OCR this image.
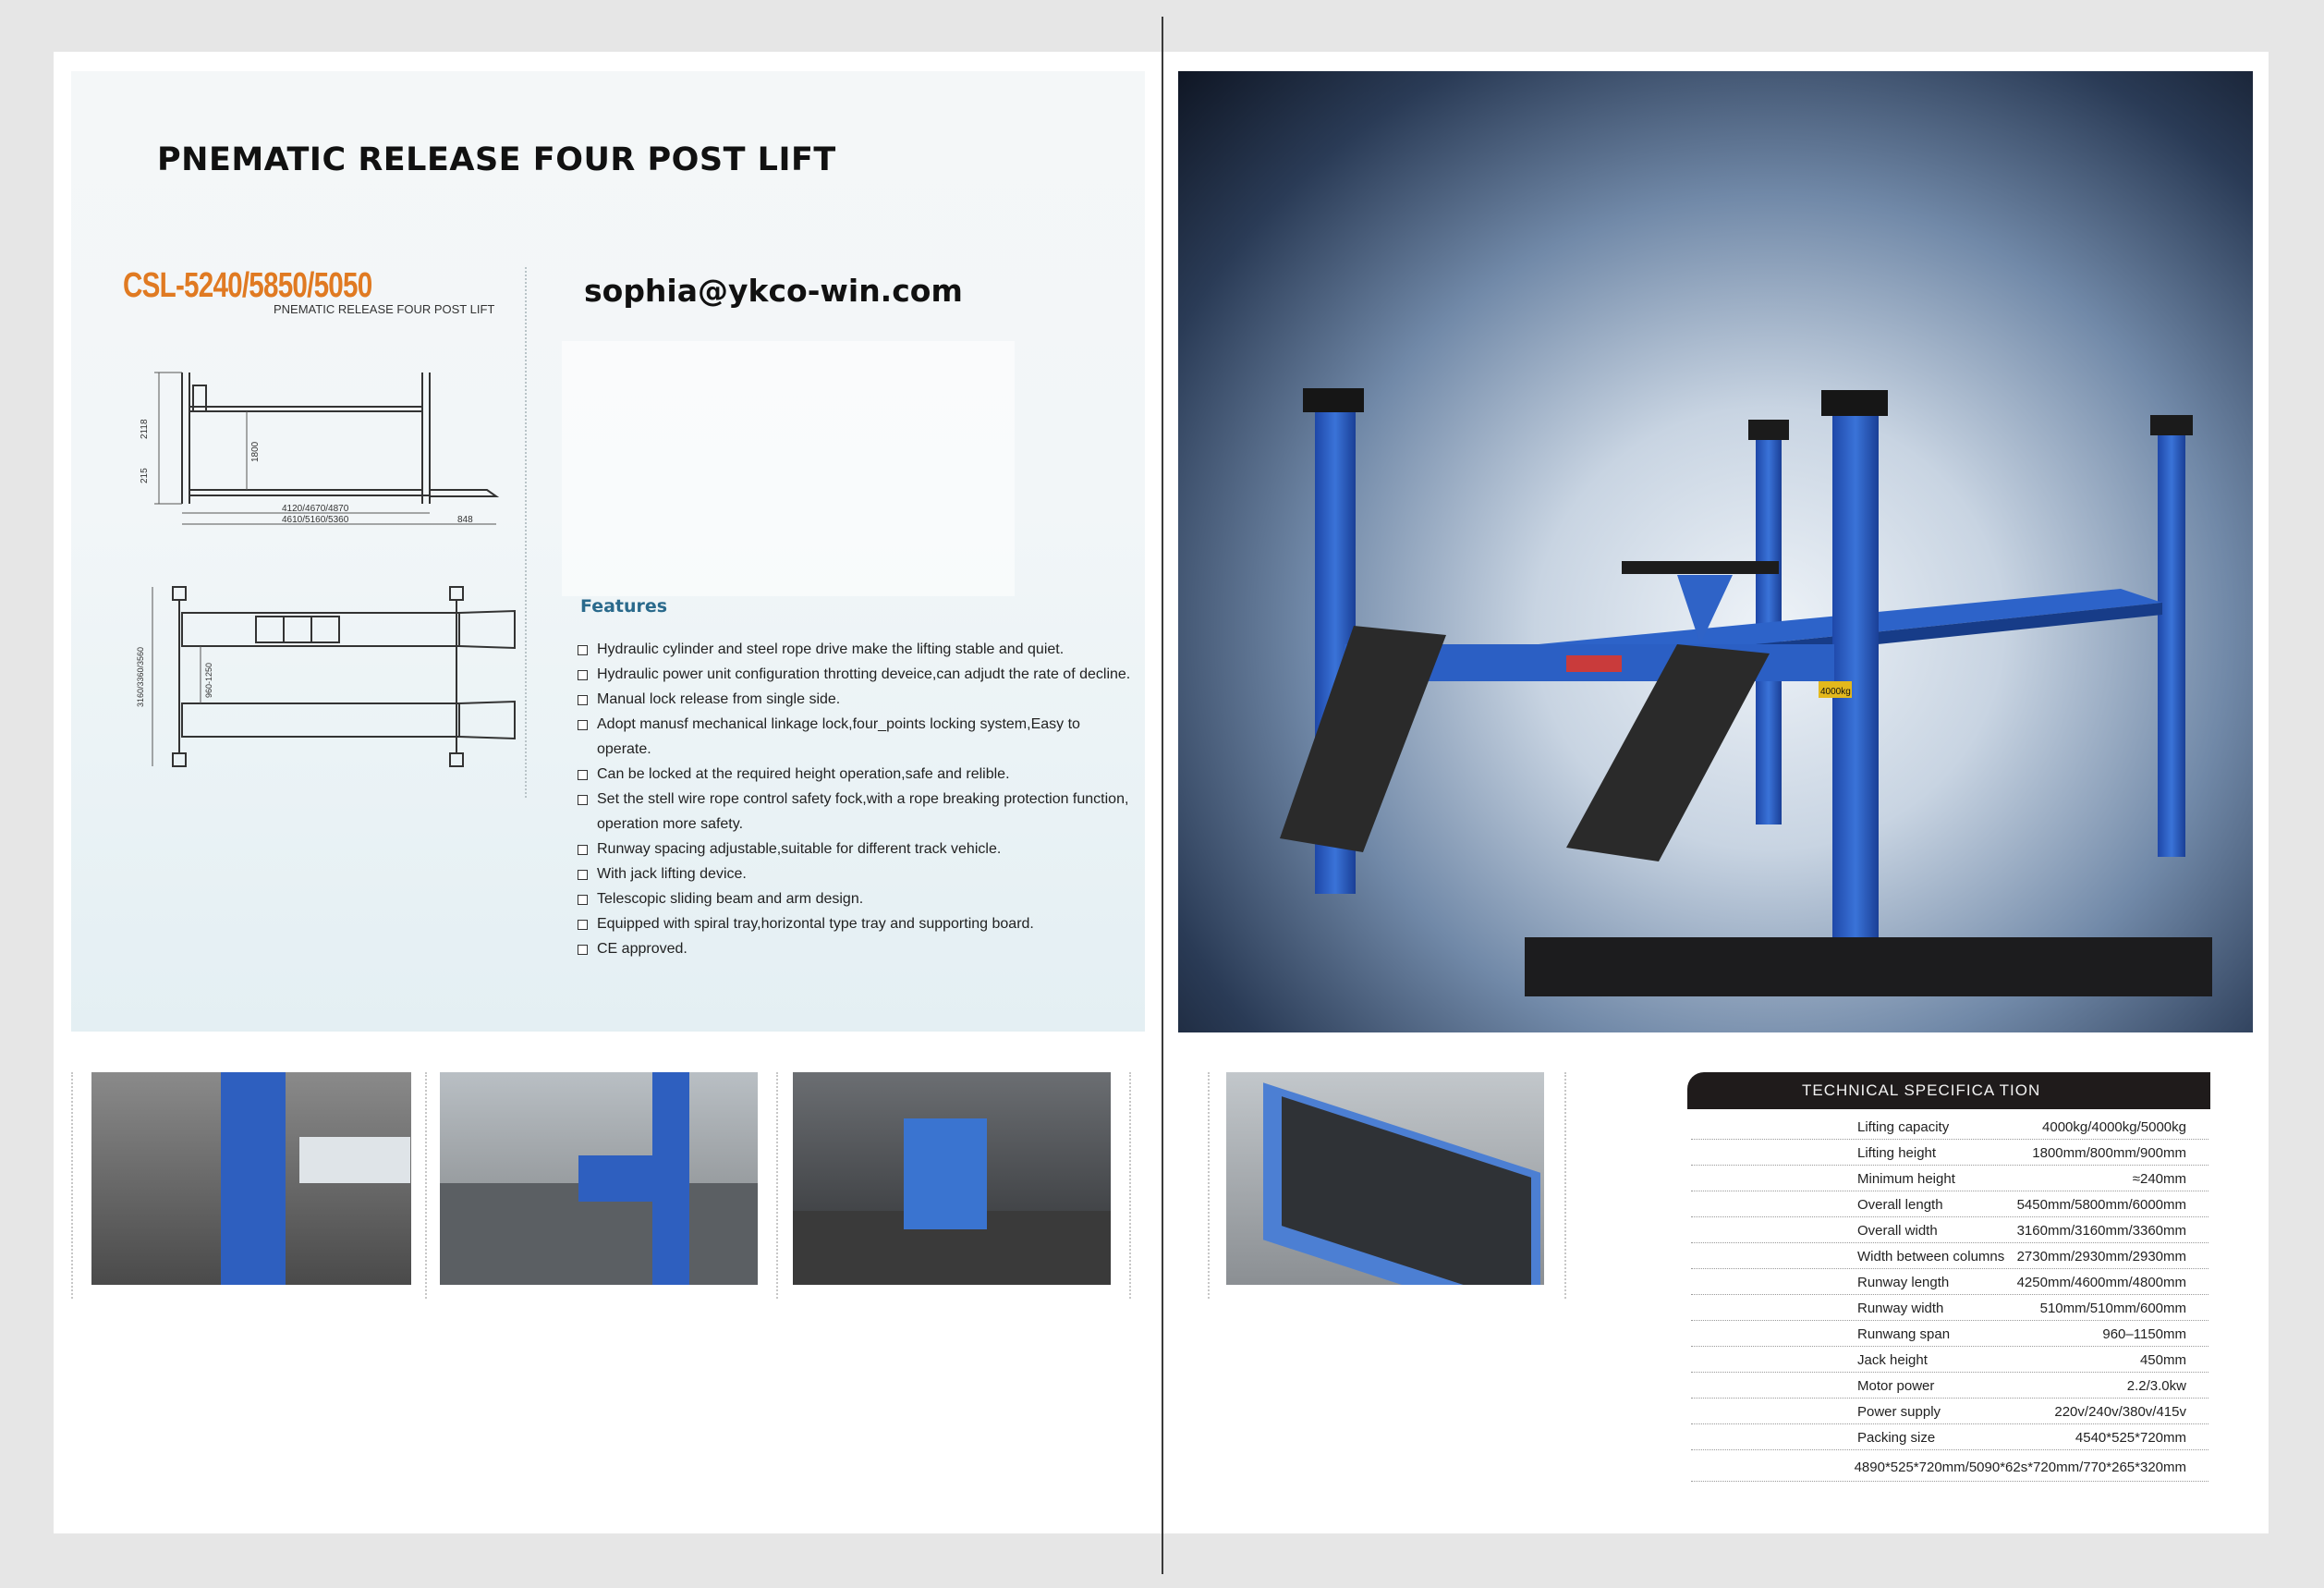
PNEMATIC RELEASE FOUR POST LIFT
CSL-5240/5850/5050
PNEMATIC RELEASE FOUR POST LIFT
sophia@ykco-win.com
2118
215
1800
4120/4670/4870
4610/5160/5360	848
3160/3360/3560	960-1250
Features
Hydraulic cylinder and steel rope drive make the lifting stable and quiet.
Hydraulic power unit configuration throtting deveice,can adjudt the rate of decline.
Manual lock release from single side.
Adopt manusf mechanical linkage lock,four_points locking system,Easy to operate.
Can be locked at the required height operation,safe and relible.
Set the stell wire rope control safety fock,with a rope breaking protection function, operation more safety.
Runway spacing adjustable,suitable for different track vehicle.
With jack lifting device.
Telescopic sliding beam and arm design.
Equipped with spiral tray,horizontal type tray and supporting board.
CE approved.
4000kg
TECHNICAL SPECIFICA TION
Lifting capacity	4000kg/4000kg/5000kg
Lifting height	1800mm/800mm/900mm
Minimum height	≈240mm
Overall length	5450mm/5800mm/6000mm
Overall width	3160mm/3160mm/3360mm
Width between columns 2730mm/2930mm/2930mm
Runway length	4250mm/4600mm/4800mm
Runway width	510mm/510mm/600mm
Runwang span	960–1150mm
Jack height	450mm
Motor power	2.2/3.0kw
Power supply	220v/240v/380v/415v
Packing size	4540*525*720mm
4890*525*720mm/5090*62s*720mm/770*265*320mm
